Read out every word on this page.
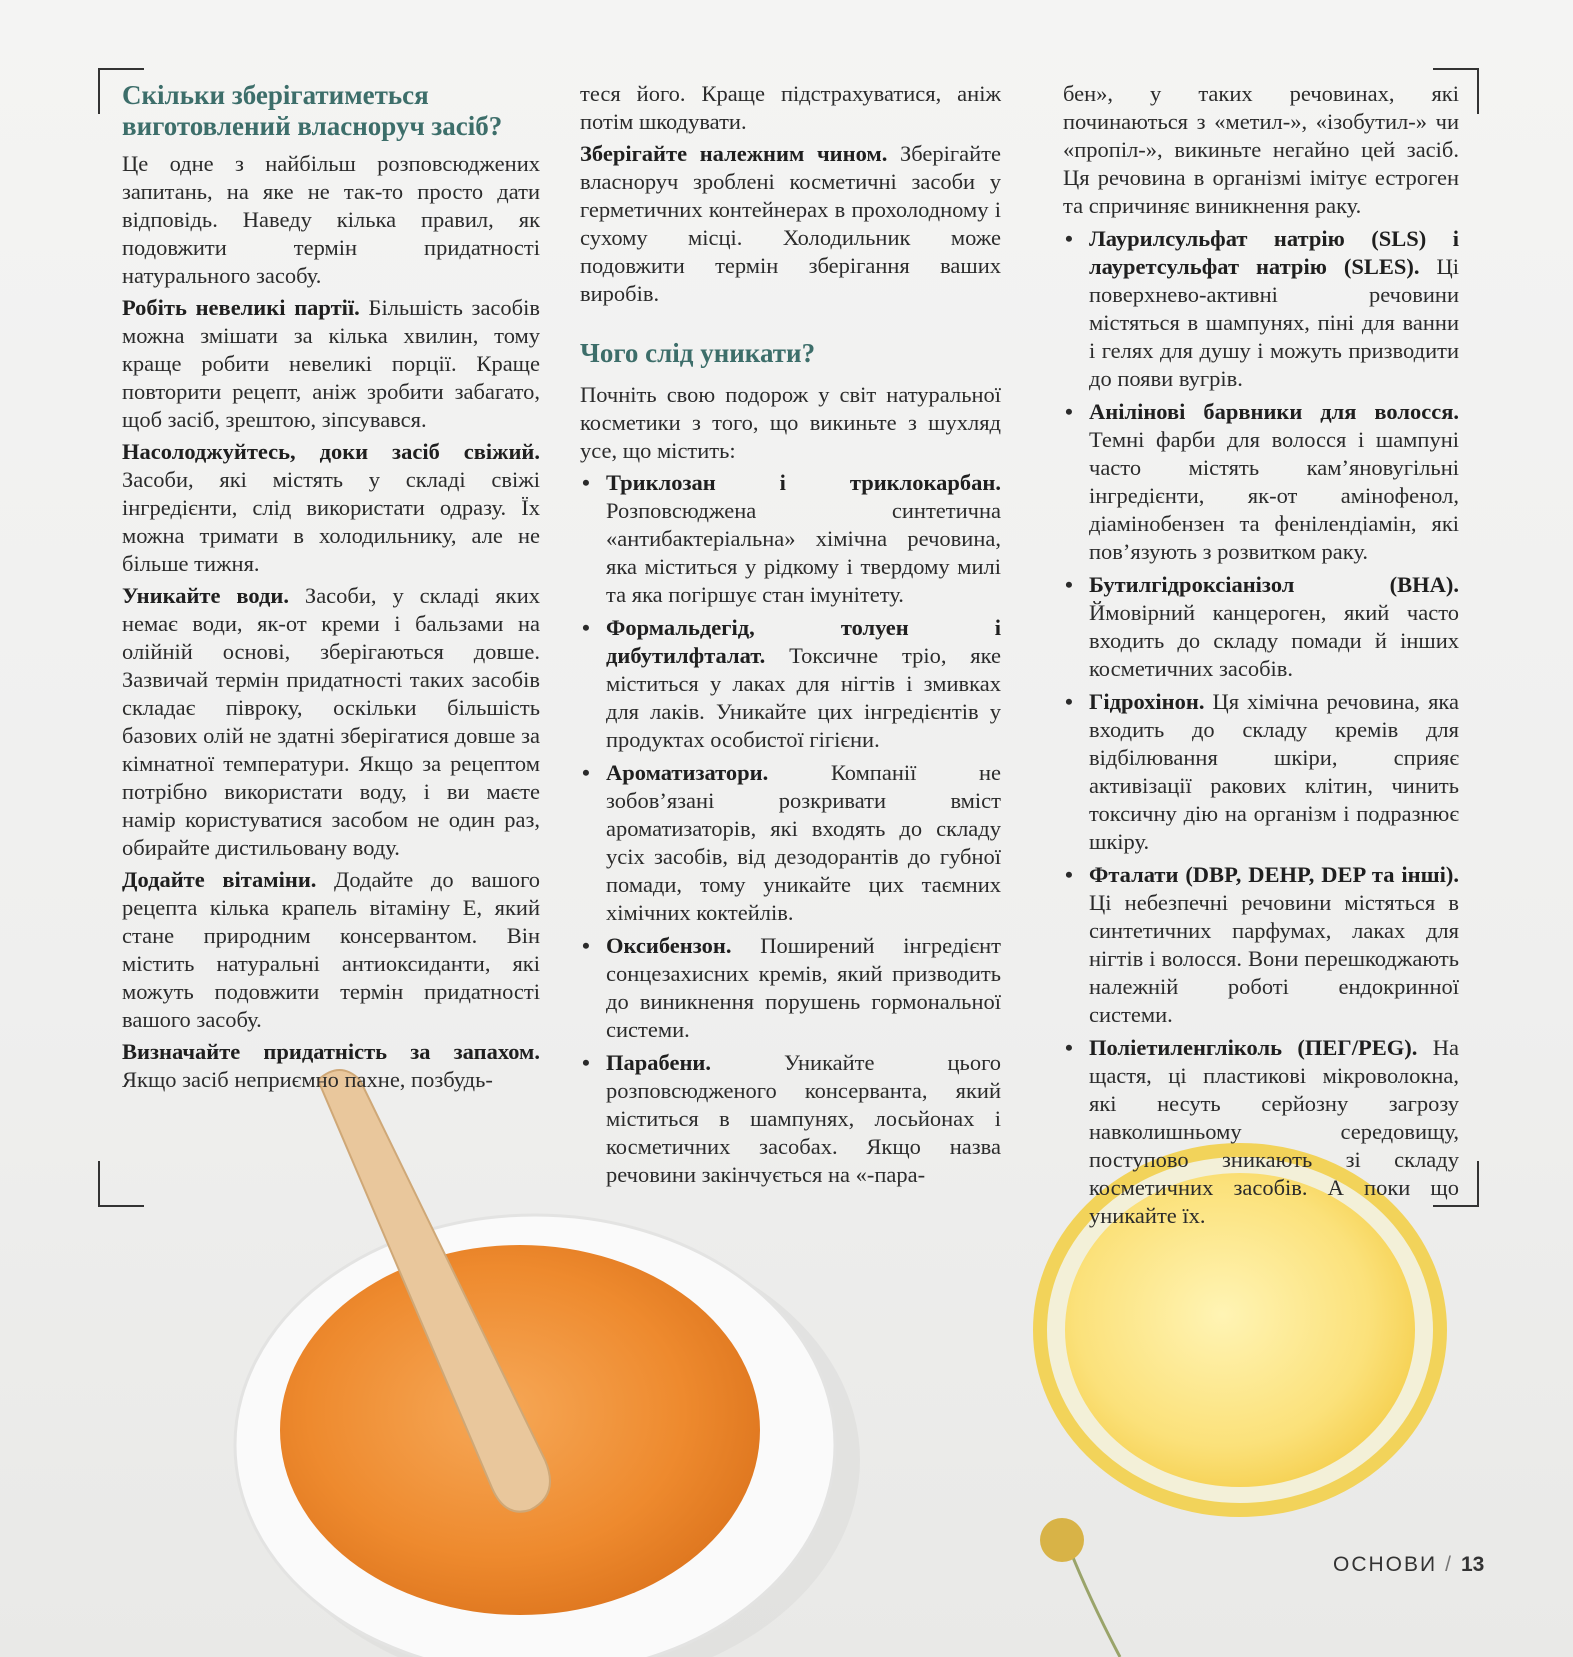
Скільки зберігатиметься виготовлений власноруч засіб?

Це одне з найбільш розповсюджених запитань, на яке не так-то просто дати відповідь. Наведу кілька правил, як подовжити термін придатності натурального засобу.

Робіть невеликі партії. Більшість засобів можна змішати за кілька хвилин, тому краще робити невеликі порції. Краще повторити рецепт, аніж зробити забагато, щоб засіб, зрештою, зіпсувався.

Насолоджуйтесь, доки засіб свіжий. Засоби, які містять у складі свіжі інгредієнти, слід використати одразу. Їх можна тримати в холодильнику, але не більше тижня.

Уникайте води. Засоби, у складі яких немає води, як-от креми і бальзами на олійній основі, зберігаються довше. Зазвичай термін придатності таких засобів складає півроку, оскільки більшість базових олій не здатні зберігатися довше за кімнатної температури. Якщо за рецептом потрібно використати воду, і ви маєте намір користуватися засобом не один раз, обирайте дистильовану воду.

Додайте вітаміни. Додайте до вашого рецепта кілька крапель вітаміну Е, який стане природним консервантом. Він містить натуральні антиоксиданти, які можуть подовжити термін придатності вашого засобу.

Визначайте придатність за запахом. Якщо засіб неприємно пахне, позбудь-

теся його. Краще підстрахуватися, аніж потім шкодувати.

Зберігайте належним чином. Зберігайте власноруч зроблені косметичні засоби у герметичних контейнерах в прохолодному і сухому місці. Холодильник може подовжити термін зберігання ваших виробів.

Чого слід уникати?

Почніть свою подорож у світ натуральної косметики з того, що викиньте з шухляд усе, що містить:

• Триклозан і триклокарбан. Розповсюджена синтетична «антибактеріальна» хімічна речовина, яка міститься у рідкому і твердому милі та яка погіршує стан імунітету.
• Формальдегід, толуен і дибутилфталат. Токсичне тріо, яке міститься у лаках для нігтів і змивках для лаків. Уникайте цих інгредієнтів у продуктах особистої гігієни.
• Ароматизатори. Компанії не зобов’язані розкривати вміст ароматизаторів, які входять до складу усіх засобів, від дезодорантів до губної помади, тому уникайте цих таємних хімічних коктейлів.
• Оксибензон. Поширений інгредієнт сонцезахисних кремів, який призводить до виникнення порушень гормональної системи.
• Парабени. Уникайте цього розповсюдженого консерванта, який міститься в шампунях, лосьйонах і косметичних засобах. Якщо назва речовини закінчується на «-пара-

бен», у таких речовинах, які починаються з «метил-», «ізобутил-» чи «пропіл-», викиньте негайно цей засіб. Ця речовина в організмі імітує естроген та спричиняє виникнення раку.

• Лаурилсульфат натрію (SLS) і лауретсульфат натрію (SLES). Ці поверхнево-активні речовини містяться в шампунях, піні для ванни і гелях для душу і можуть призводити до появи вугрів.
• Анілінові барвники для волосся. Темні фарби для волосся і шампуні часто містять кам’яновугільні інгредієнти, як-от амінофенол, діамінобензен та фенілендіамін, які пов’язують з розвитком раку.
• Бутилгідроксіанізол (ВНА). Ймовірний канцероген, який часто входить до складу помади й інших косметичних засобів.
• Гідрохінон. Ця хімічна речовина, яка входить до складу кремів для відбілювання шкіри, сприяє активізації ракових клітин, чинить токсичну дію на організм і подразнює шкіру.
• Фталати (DBP, DEHP, DEP та інші). Ці небезпечні речовини містяться в синтетичних парфумах, лаках для нігтів і волосся. Вони перешкоджають належній роботі ендокринної системи.
• Поліетиленгліколь (ПЕГ/PEG). На щастя, ці пластикові мікроволокна, які несуть серйозну загрозу навколишньому середовищу, поступово зникають зі складу косметичних засобів. А поки що уникайте їх.
ОСНОВИ / 13
